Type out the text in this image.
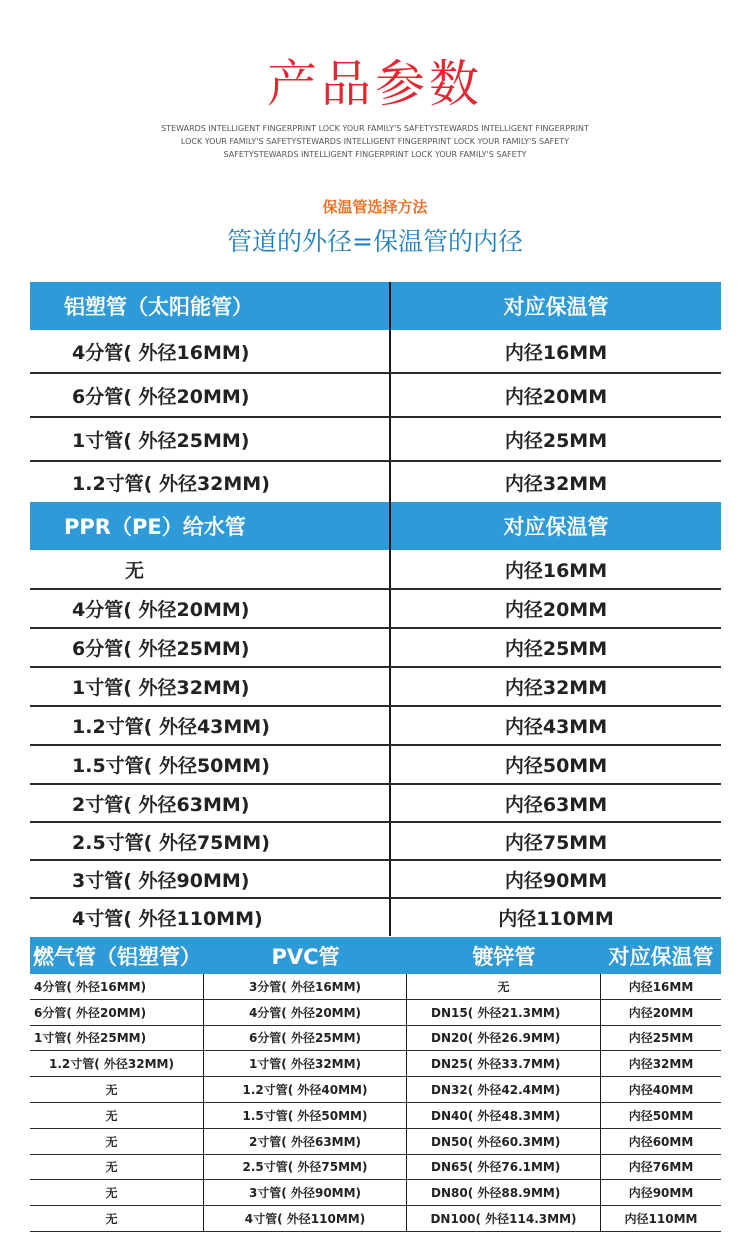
产品参数
STEWARDS INTELLIGENT FINGERPRINT LOCK YOUR FAMILY'S SAFETYSTEWARDS INTELLIGENT FINGERPRINT
LOCK YOUR FAMILY'S SAFETYSTEWARDS INTELLIGENT FINGERPRINT LOCK YOUR FAMILY'S SAFETY
SAFETYSTEWARDS INTELLIGENT FINGERPRINT LOCK YOUR FAMILY'S SAFETY
保温管选择方法
管道的外径=保温管的内径
铝塑管（太阳能管）	对应保温管
4分管( 外径16MM)	内径16MM
6分管( 外径20MM)	内径20MM
1寸管( 外径25MM)	内径25MM
1.2寸管( 外径32MM)	内径32MM
PPR（PE）给水管	对应保温管
无	内径16MM
4分管( 外径20MM)	内径20MM
6分管( 外径25MM)	内径25MM
1寸管( 外径32MM)	内径32MM
1.2寸管( 外径43MM)	内径43MM
1.5寸管( 外径50MM)	内径50MM
2寸管( 外径63MM)	内径63MM
2.5寸管( 外径75MM)	内径75MM
3寸管( 外径90MM)	内径90MM
4寸管( 外径110MM)	内径110MM
燃气管（铝塑管）	PVC管	镀锌管	对应保温管
4分管( 外径16MM)	3分管( 外径16MM)	无	内径16MM
6分管( 外径20MM)	4分管( 外径20MM)	DN15( 外径21.3MM)	内径20MM
1寸管( 外径25MM)	6分管( 外径25MM)	DN20( 外径26.9MM)	内径25MM
1.2寸管( 外径32MM)	1寸管( 外径32MM)	DN25( 外径33.7MM)	内径32MM
无	1.2寸管( 外径40MM)	DN32( 外径42.4MM)	内径40MM
无	1.5寸管( 外径50MM)	DN40( 外径48.3MM)	内径50MM
无	2寸管( 外径63MM)	DN50( 外径60.3MM)	内径60MM
无	2.5寸管( 外径75MM)	DN65( 外径76.1MM)	内径76MM
无	3寸管( 外径90MM)	DN80( 外径88.9MM)	内径90MM
无	4寸管( 外径110MM)	DN100( 外径114.3MM)	内径110MM
